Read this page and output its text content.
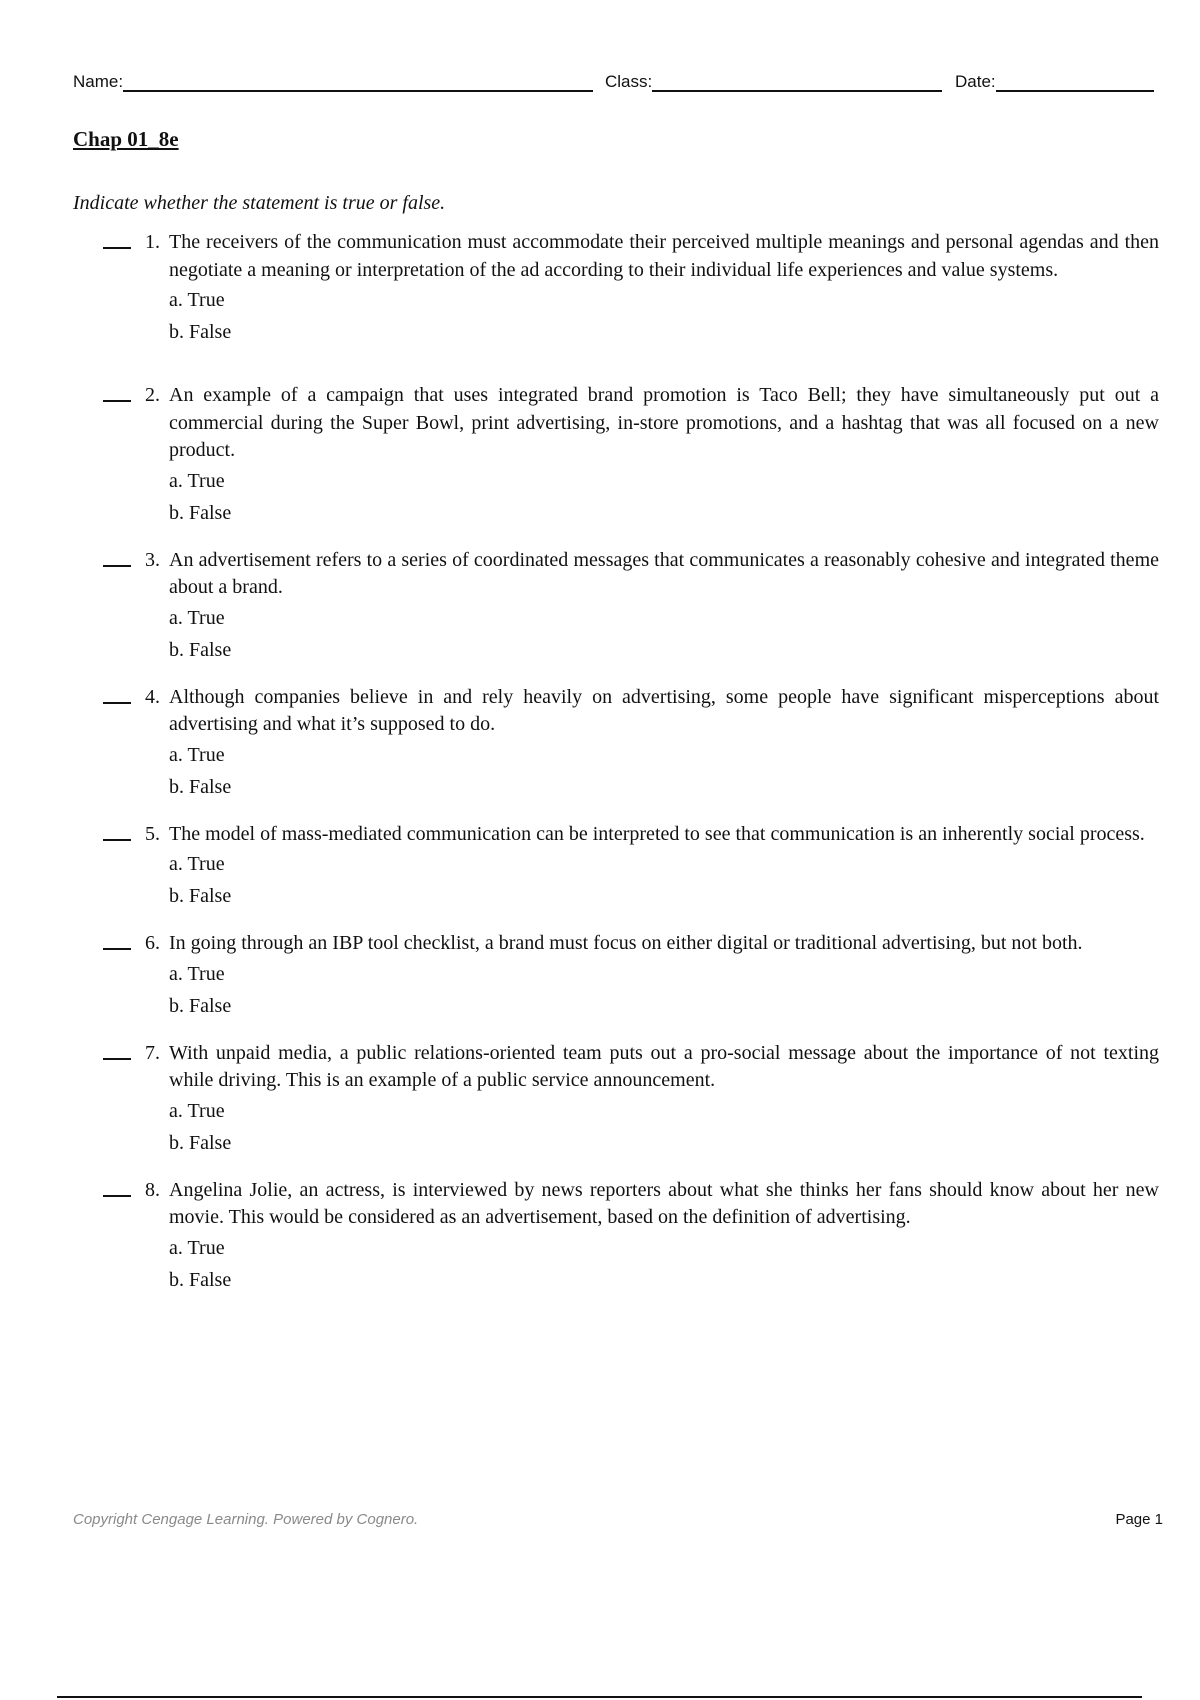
Name:	Class:	Date:
Chap 01_8e
Indicate whether the statement is true or false.
1. The receivers of the communication must accommodate their perceived multiple meanings and personal agendas and then negotiate a meaning or interpretation of the ad according to their individual life experiences and value systems.
a. True
b. False
2. An example of a campaign that uses integrated brand promotion is Taco Bell; they have simultaneously put out a commercial during the Super Bowl, print advertising, in-store promotions, and a hashtag that was all focused on a new product.
a. True
b. False
3. An advertisement refers to a series of coordinated messages that communicates a reasonably cohesive and integrated theme about a brand.
a. True
b. False
4. Although companies believe in and rely heavily on advertising, some people have significant misperceptions about advertising and what it’s supposed to do.
a. True
b. False
5. The model of mass-mediated communication can be interpreted to see that communication is an inherently social process.
a. True
b. False
6. In going through an IBP tool checklist, a brand must focus on either digital or traditional advertising, but not both.
a. True
b. False
7. With unpaid media, a public relations-oriented team puts out a pro-social message about the importance of not texting while driving. This is an example of a public service announcement.
a. True
b. False
8. Angelina Jolie, an actress, is interviewed by news reporters about what she thinks her fans should know about her new movie. This would be considered as an advertisement, based on the definition of advertising.
a. True
b. False
Copyright Cengage Learning. Powered by Cognero.	Page 1
